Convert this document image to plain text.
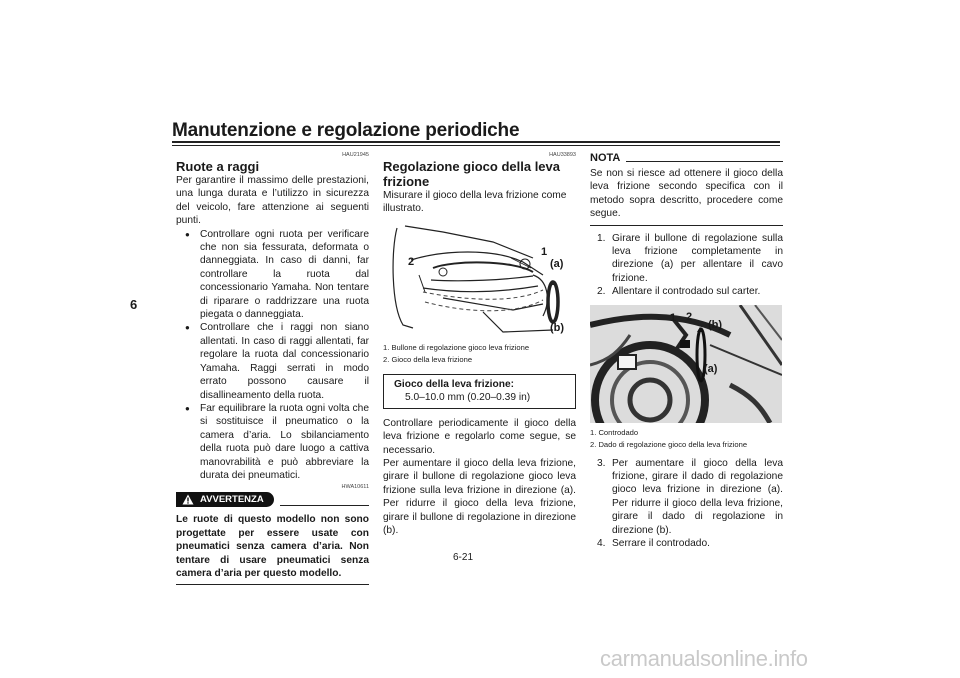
Manutenzione e regolazione periodiche
6
HAU21945
Ruote a raggi
Per garantire il massimo delle prestazioni, una lunga durata e l’utilizzo in sicurezza del veicolo, fare attenzione ai seguenti punti.
● Controllare ogni ruota per verificare che non sia fessurata, deformata o danneggiata. In caso di danni, far controllare la ruota dal concessionario Yamaha. Non tentare di riparare o raddrizzare una ruota piegata o danneggiata.
● Controllare che i raggi non siano allentati. In caso di raggi allentati, far regolare la ruota dal concessionario Yamaha. Raggi serrati in modo errato possono causare il disallineamento della ruota.
● Far equilibrare la ruota ogni volta che si sostituisce il pneumatico o la camera d’aria. Lo sbilanciamento della ruota può dare luogo a cattiva manovrabilità e può abbreviare la durata dei pneumatici.
HWA10611
AVVERTENZA
Le ruote di questo modello non sono progettate per essere usate con pneumatici senza camera d’aria. Non tentare di usare pneumatici senza camera d’aria per questo modello.
HAU33893
Regolazione gioco della leva frizione
Misurare il gioco della leva frizione come illustrato.
2
1
(a)
(b)
1. Bullone di regolazione gioco leva frizione
2. Gioco della leva frizione
Gioco della leva frizione:
5.0–10.0 mm (0.20–0.39 in)
Controllare periodicamente il gioco della leva frizione e regolarlo come segue, se necessario.
Per aumentare il gioco della leva frizione, girare il bullone di regolazione gioco leva frizione sulla leva frizione in direzione (a). Per ridurre il gioco della leva frizione, girare il bullone di regolazione in direzione (b).
NOTA
Se non si riesce ad ottenere il gioco della leva frizione secondo specifica con il metodo sopra descritto, procedere come segue.
1. Girare il bullone di regolazione sulla leva frizione completamente in direzione (a) per allentare il cavo frizione.
2. Allentare il controdado sul carter.
1 2
(b)
(a)
1. Controdado
2. Dado di regolazione gioco della leva frizione
3. Per aumentare il gioco della leva frizione, girare il dado di regolazione gioco leva frizione in direzione (a). Per ridurre il gioco della leva frizione, girare il dado di regolazione in direzione (b).
4. Serrare il controdado.
6-21
carmanualsonline.info
